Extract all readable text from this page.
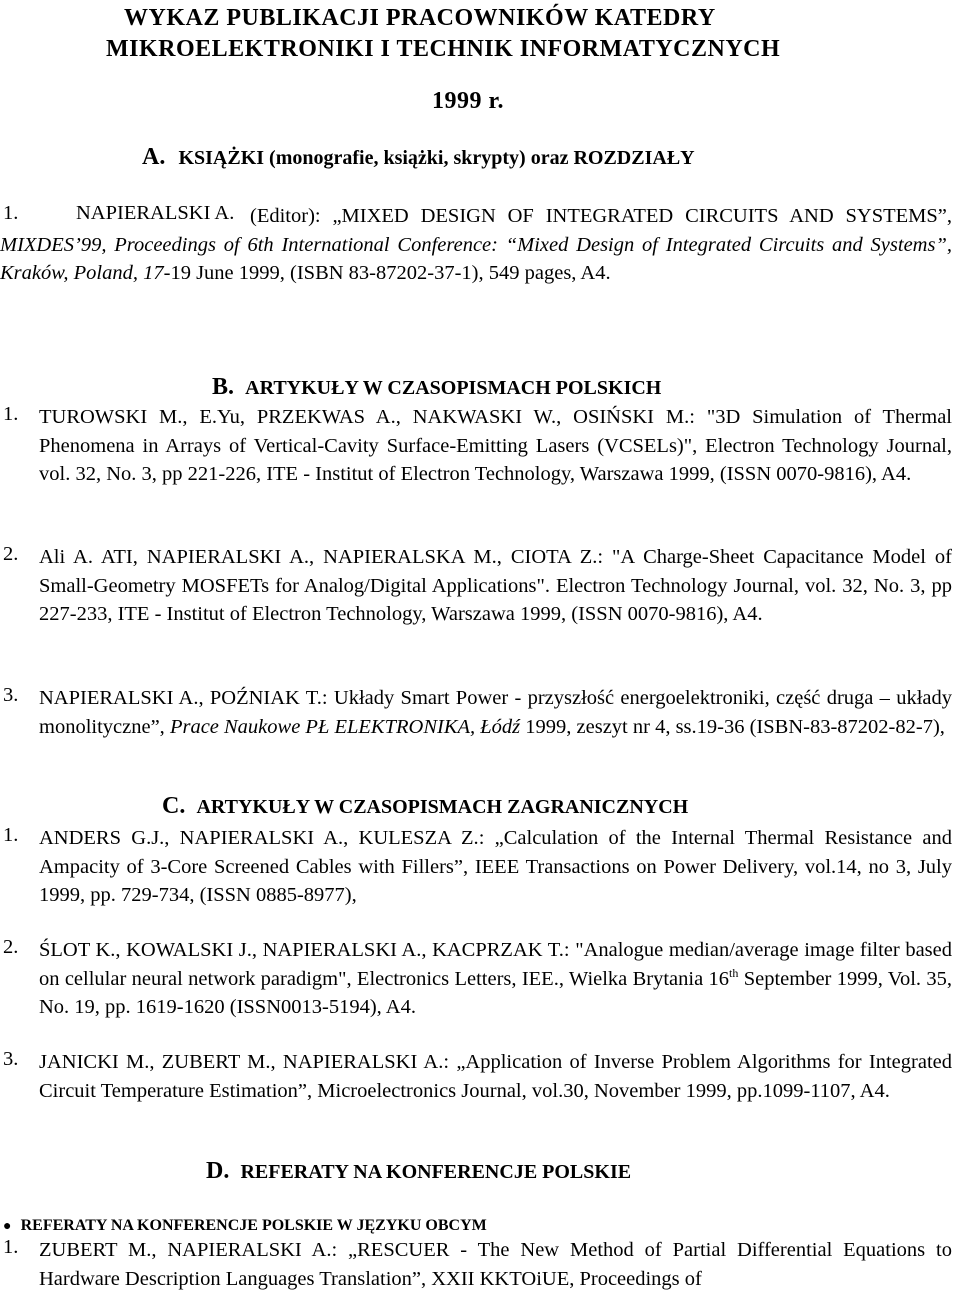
WYKAZ PUBLIKACJI PRACOWNIKÓW KATEDRY
MIKROELEKTRONIKI I TECHNIK INFORMATYCZNYCH
1999 r.
A. KSIĄŻKI (monografie, książki, skrypty) oraz ROZDZIAŁY
1.	NAPIERALSKI A. (Editor): „MIXED DESIGN OF INTEGRATED CIRCUITS AND SYSTEMS”, MIXDES’99, Proceedings of 6th International Conference: “Mixed Design of Integrated Circuits and Systems”, Kraków, Poland, 17-19 June 1999, (ISBN 83-87202-37-1), 549 pages, A4.
B. ARTYKUŁY W CZASOPISMACH POLSKICH
1. TUROWSKI M., E.Yu, PRZEKWAS A., NAKWASKI W., OSIŃSKI M.: "3D Simulation of Thermal Phenomena in Arrays of Vertical-Cavity Surface-Emitting Lasers (VCSELs)", Electron Technology Journal, vol. 32, No. 3, pp 221-226, ITE - Institut of Electron Technology, Warszawa 1999, (ISSN 0070-9816), A4.
2. Ali A. ATI, NAPIERALSKI A., NAPIERALSKA M., CIOTA Z.: "A Charge-Sheet Capacitance Model of Small-Geometry MOSFETs for Analog/Digital Applications". Electron Technology Journal, vol. 32, No. 3, pp 227-233, ITE - Institut of Electron Technology, Warszawa 1999, (ISSN 0070-9816), A4.
3. NAPIERALSKI A., POŹNIAK T.: Układy Smart Power - przyszłość energoelektroniki, część druga – układy monolityczne”, Prace Naukowe PŁ ELEKTRONIKA, Łódź 1999, zeszyt nr 4, ss.19-36 (ISBN-83-87202-82-7),
C. ARTYKUŁY W CZASOPISMACH ZAGRANICZNYCH
1. ANDERS G.J., NAPIERALSKI A., KULESZA Z.: „Calculation of the Internal Thermal Resistance and Ampacity of 3-Core Screened Cables with Fillers”, IEEE Transactions on Power Delivery, vol.14, no 3, July 1999, pp. 729-734, (ISSN 0885-8977),
2. ŚLOT K., KOWALSKI J., NAPIERALSKI A., KACPRZAK T.: "Analogue median/average image filter based on cellular neural network paradigm", Electronics Letters, IEE., Wielka Brytania 16th September 1999, Vol. 35, No. 19, pp. 1619-1620 (ISSN0013-5194), A4.
3. JANICKI M., ZUBERT M., NAPIERALSKI A.: „Application of Inverse Problem Algorithms for Integrated Circuit Temperature Estimation”, Microelectronics Journal, vol.30, November 1999, pp.1099-1107, A4.
D. REFERATY NA KONFERENCJE POLSKIE
● REFERATY NA KONFERENCJE POLSKIE W JĘZYKU OBCYM
1. ZUBERT M., NAPIERALSKI A.: „RESCUER - The New Method of Partial Differential Equations to Hardware Description Languages Translation”, XXII KKTOiUE, Proceedings of
